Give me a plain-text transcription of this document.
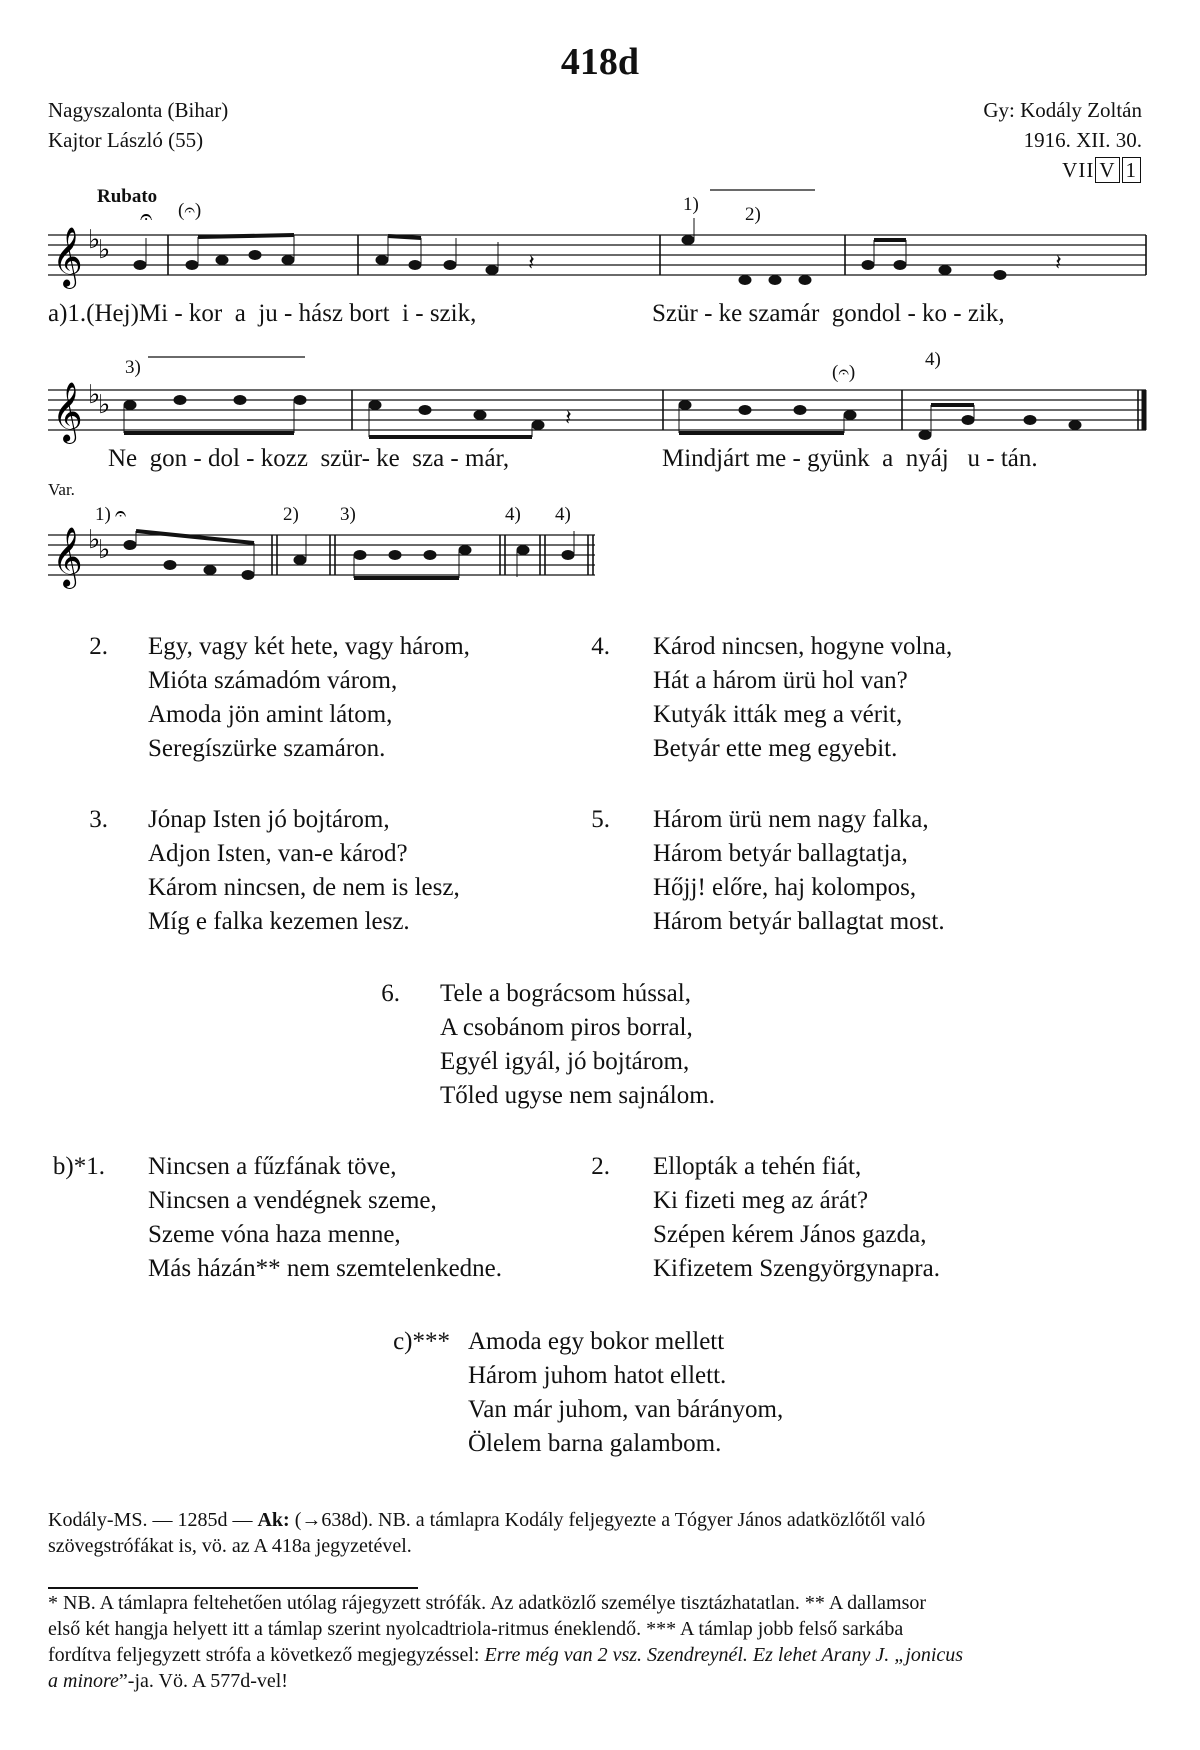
418d
Nagyszalonta (Bihar)
Kajtor László (55)
Gy: Kodály Zoltán
1916. XII. 30.
VII V 1
Rubato
𝄞 ♭
♭
𝄐 (𝄐)	1) 2)
𝄽	𝄽
a)1.(Hej)Mi - kor  a  ju - hász bort  i - szik,	Szür - ke szamár  gondol - ko - zik,
3)	(𝄐)
4)
𝄞 ♭
♭	𝄽
Ne  gon - dol - kozz  szür- ke  sza - már,	Mindjárt me - gyünk  a  nyáj   u - tán.
Var.
1) 𝄐	2) 3)	4) 4)
𝄞 ♭
♭
2. Egy, vagy két hete, vagy három,
Mióta számadóm várom,
Amoda jön amint látom,
Seregíszürke szamáron.
4. Károd nincsen, hogyne volna,
Hát a három ürü hol van?
Kutyák itták meg a vérit,
Betyár ette meg egyebit.
3. Jónap Isten jó bojtárom,
Adjon Isten, van-e károd?
Károm nincsen, de nem is lesz,
Míg e falka kezemen lesz.
5. Három ürü nem nagy falka,
Három betyár ballagtatja,
Hőjj! előre, haj kolompos,
Három betyár ballagtat most.
6. Tele a bográcsom hússal,
A csobánom piros borral,
Egyél igyál, jó bojtárom,
Tőled ugyse nem sajnálom.
b)*1. Nincsen a fűzfának töve,
Nincsen a vendégnek szeme,
Szeme vóna haza menne,
Más házán** nem szemtelenkedne.
2. Ellopták a tehén fiát,
Ki fizeti meg az árát?
Szépen kérem János gazda,
Kifizetem Szengyörgynapra.
c)*** Amoda egy bokor mellett
Három juhom hatot ellett.
Van már juhom, van bárányom,
Ölelem barna galambom.
Kodály-MS. — 1285d — Ak: (→638d). NB. a támlapra Kodály feljegyezte a Tógyer János adatközlőtől való
szövegstrófákat is, vö. az A 418a jegyzetével.
* NB. A támlapra feltehetően utólag rájegyzett strófák. Az adatközlő személye tisztázhatatlan. ** A dallamsor
első két hangja helyett itt a támlap szerint nyolcadtriola-ritmus éneklendő. *** A támlap jobb felső sarkába
fordítva feljegyzett strófa a következő megjegyzéssel: Erre még van 2 vsz. Szendreynél. Ez lehet Arany J. „jonicus
a minore”-ja. Vö. A 577d-vel!
